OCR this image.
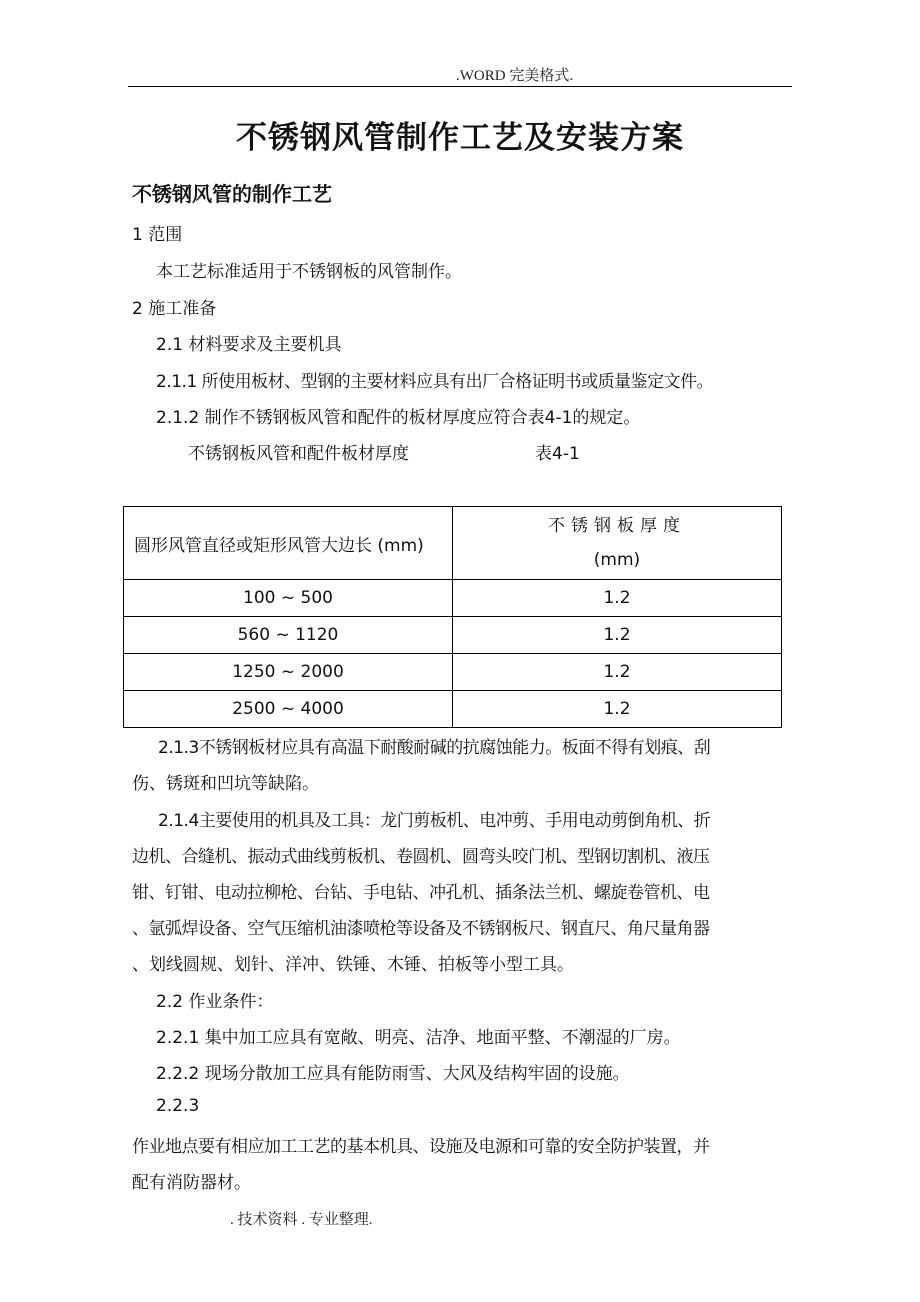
.WORD 完美格式.
不锈钢风管制作工艺及安装方案
不锈钢风管的制作工艺
1 范围
本工艺标准适用于不锈钢板的风管制作。
2 施工准备
2.1 材料要求及主要机具
2.1.1 所使用板材、型钢的主要材料应具有出厂合格证明书或质量鉴定文件。
2.1.2 制作不锈钢板风管和配件的板材厚度应符合表4-1的规定。
不锈钢板风管和配件板材厚度	表4-1
圆形风管直径或矩形风管大边长 (mm)	不锈钢板厚度
(mm)

100 ~ 500	1.2
560 ~ 1120	1.2
1250 ~ 2000	1.2
2500 ~ 4000	1.2
2.1.3不锈钢板材应具有高温下耐酸耐碱的抗腐蚀能力。板面不得有划痕、刮
伤、锈斑和凹坑等缺陷。
2.1.4主要使用的机具及工具：龙门剪板机、电冲剪、手用电动剪倒角机、折
边机、合缝机、振动式曲线剪板机、卷圆机、圆弯头咬门机、型钢切割机、液压
钳、钉钳、电动拉柳枪、台钻、手电钻、冲孔机、插条法兰机、螺旋卷管机、电
、氩弧焊设备、空气压缩机油漆喷枪等设备及不锈钢板尺、钢直尺、角尺量角器
、划线圆规、划针、洋冲、铁锤、木锤、拍板等小型工具。
2.2 作业条件：
2.2.1 集中加工应具有宽敞、明亮、洁净、地面平整、不潮湿的厂房。
2.2.2 现场分散加工应具有能防雨雪、大风及结构牢固的设施。
2.2.3
作业地点要有相应加工工艺的基本机具、设施及电源和可靠的安全防护装置，并
配有消防器材。
. 技术资料 . 专业整理.
